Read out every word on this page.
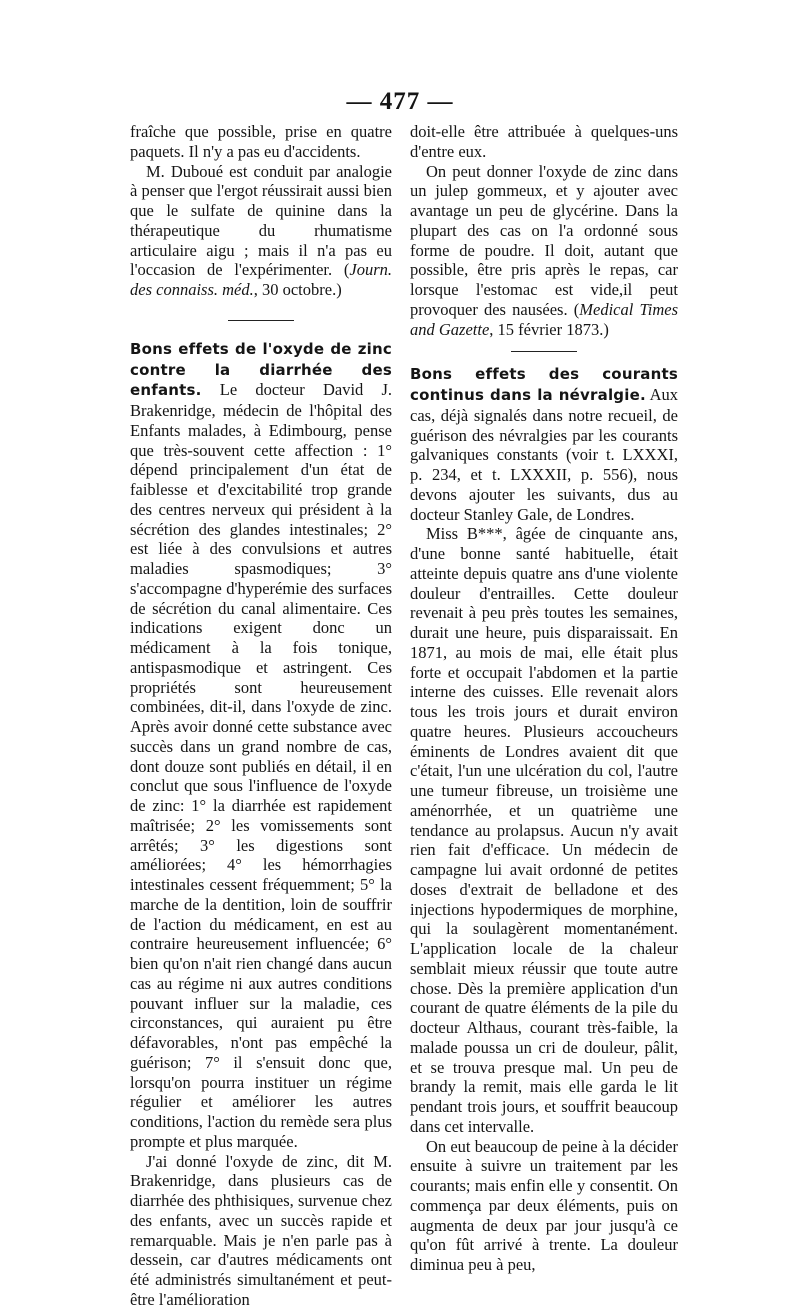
— 477 —

fraîche que possible, prise en quatre paquets. Il n'y a pas eu d'accidents.

M. Duboué est conduit par analogie à penser que l'ergot réussirait aussi bien que le sulfate de quinine dans la thérapeutique du rhumatisme articulaire aigu ; mais il n'a pas eu l'occasion de l'expérimenter. (Journ. des connaiss. méd., 30 octobre.)

Bons effets de l'oxyde de zinc contre la diarrhée des enfants. Le docteur David J. Brakenridge, médecin de l'hôpital des Enfants malades, à Edimbourg, pense que très-souvent cette affection : 1° dépend principalement d'un état de faiblesse et d'excitabilité trop grande des centres nerveux qui président à la sécrétion des glandes intestinales; 2° est liée à des convulsions et autres maladies spasmodiques; 3° s'accompagne d'hyperémie des surfaces de sécrétion du canal alimentaire. Ces indications exigent donc un médicament à la fois tonique, antispasmodique et astringent. Ces propriétés sont heureusement combinées, dit-il, dans l'oxyde de zinc. Après avoir donné cette substance avec succès dans un grand nombre de cas, dont douze sont publiés en détail, il en conclut que sous l'influence de l'oxyde de zinc: 1° la diarrhée est rapidement maîtrisée; 2° les vomissements sont arrêtés; 3° les digestions sont améliorées; 4° les hémorrhagies intestinales cessent fréquemment; 5° la marche de la dentition, loin de souffrir de l'action du médicament, en est au contraire heureusement influencée; 6° bien qu'on n'ait rien changé dans aucun cas au régime ni aux autres conditions pouvant influer sur la maladie, ces circonstances, qui auraient pu être défavorables, n'ont pas empêché la guérison; 7° il s'ensuit donc que, lorsqu'on pourra instituer un régime régulier et améliorer les autres conditions, l'action du remède sera plus prompte et plus marquée.

J'ai donné l'oxyde de zinc, dit M. Brakenridge, dans plusieurs cas de diarrhée des phthisiques, survenue chez des enfants, avec un succès rapide et remarquable. Mais je n'en parle pas à dessein, car d'autres médicaments ont été administrés simultanément et peut-être l'amélioration

doit-elle être attribuée à quelques-uns d'entre eux.

On peut donner l'oxyde de zinc dans un julep gommeux, et y ajouter avec avantage un peu de glycérine. Dans la plupart des cas on l'a ordonné sous forme de poudre. Il doit, autant que possible, être pris après le repas, car lorsque l'estomac est vide,il peut provoquer des nausées. (Medical Times and Gazette, 15 février 1873.)

Bons effets des courants continus dans la névralgie. Aux cas, déjà signalés dans notre recueil, de guérison des névralgies par les courants galvaniques constants (voir t. LXXXI, p. 234, et t. LXXXII, p. 556), nous devons ajouter les suivants, dus au docteur Stanley Gale, de Londres.

Miss B***, âgée de cinquante ans, d'une bonne santé habituelle, était atteinte depuis quatre ans d'une violente douleur d'entrailles. Cette douleur revenait à peu près toutes les semaines, durait une heure, puis disparaissait. En 1871, au mois de mai, elle était plus forte et occupait l'abdomen et la partie interne des cuisses. Elle revenait alors tous les trois jours et durait environ quatre heures. Plusieurs accoucheurs éminents de Londres avaient dit que c'était, l'un une ulcération du col, l'autre une tumeur fibreuse, un troisième une aménorrhée, et un quatrième une tendance au prolapsus. Aucun n'y avait rien fait d'efficace. Un médecin de campagne lui avait ordonné de petites doses d'extrait de belladone et des injections hypodermiques de morphine, qui la soulagèrent momentanément. L'application locale de la chaleur semblait mieux réussir que toute autre chose. Dès la première application d'un courant de quatre éléments de la pile du docteur Althaus, courant très-faible, la malade poussa un cri de douleur, pâlit, et se trouva presque mal. Un peu de brandy la remit, mais elle garda le lit pendant trois jours, et souffrit beaucoup dans cet intervalle.

On eut beaucoup de peine à la décider ensuite à suivre un traitement par les courants; mais enfin elle y consentit. On commença par deux éléments, puis on augmenta de deux par jour jusqu'à ce qu'on fût arrivé à trente. La douleur diminua peu à peu,
